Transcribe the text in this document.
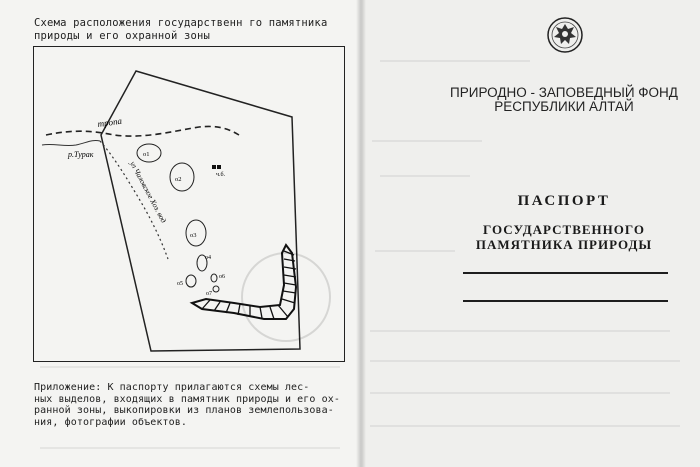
Схема расположения государственн го памятника
природы и его охранной зоны
тропа
р.Турак
ул Чаловское Хоз. вод
о1
о2
о3
о4
о5
о6
о7
ч.б.
Приложение: К паспорту прилагаются схемы лес-
ных выделов, входящих в памятник природы и его ох-
ранной зоны, выкопировки из планов землепользова-
ния, фотографии объектов.
ПРИРОДНО - ЗАПОВЕДНЫЙ ФОНД
РЕСПУБЛИКИ АЛТАЙ
ПАСПОРТ
ГОСУДАРСТВЕННОГО
ПАМЯТНИКА ПРИРОДЫ
